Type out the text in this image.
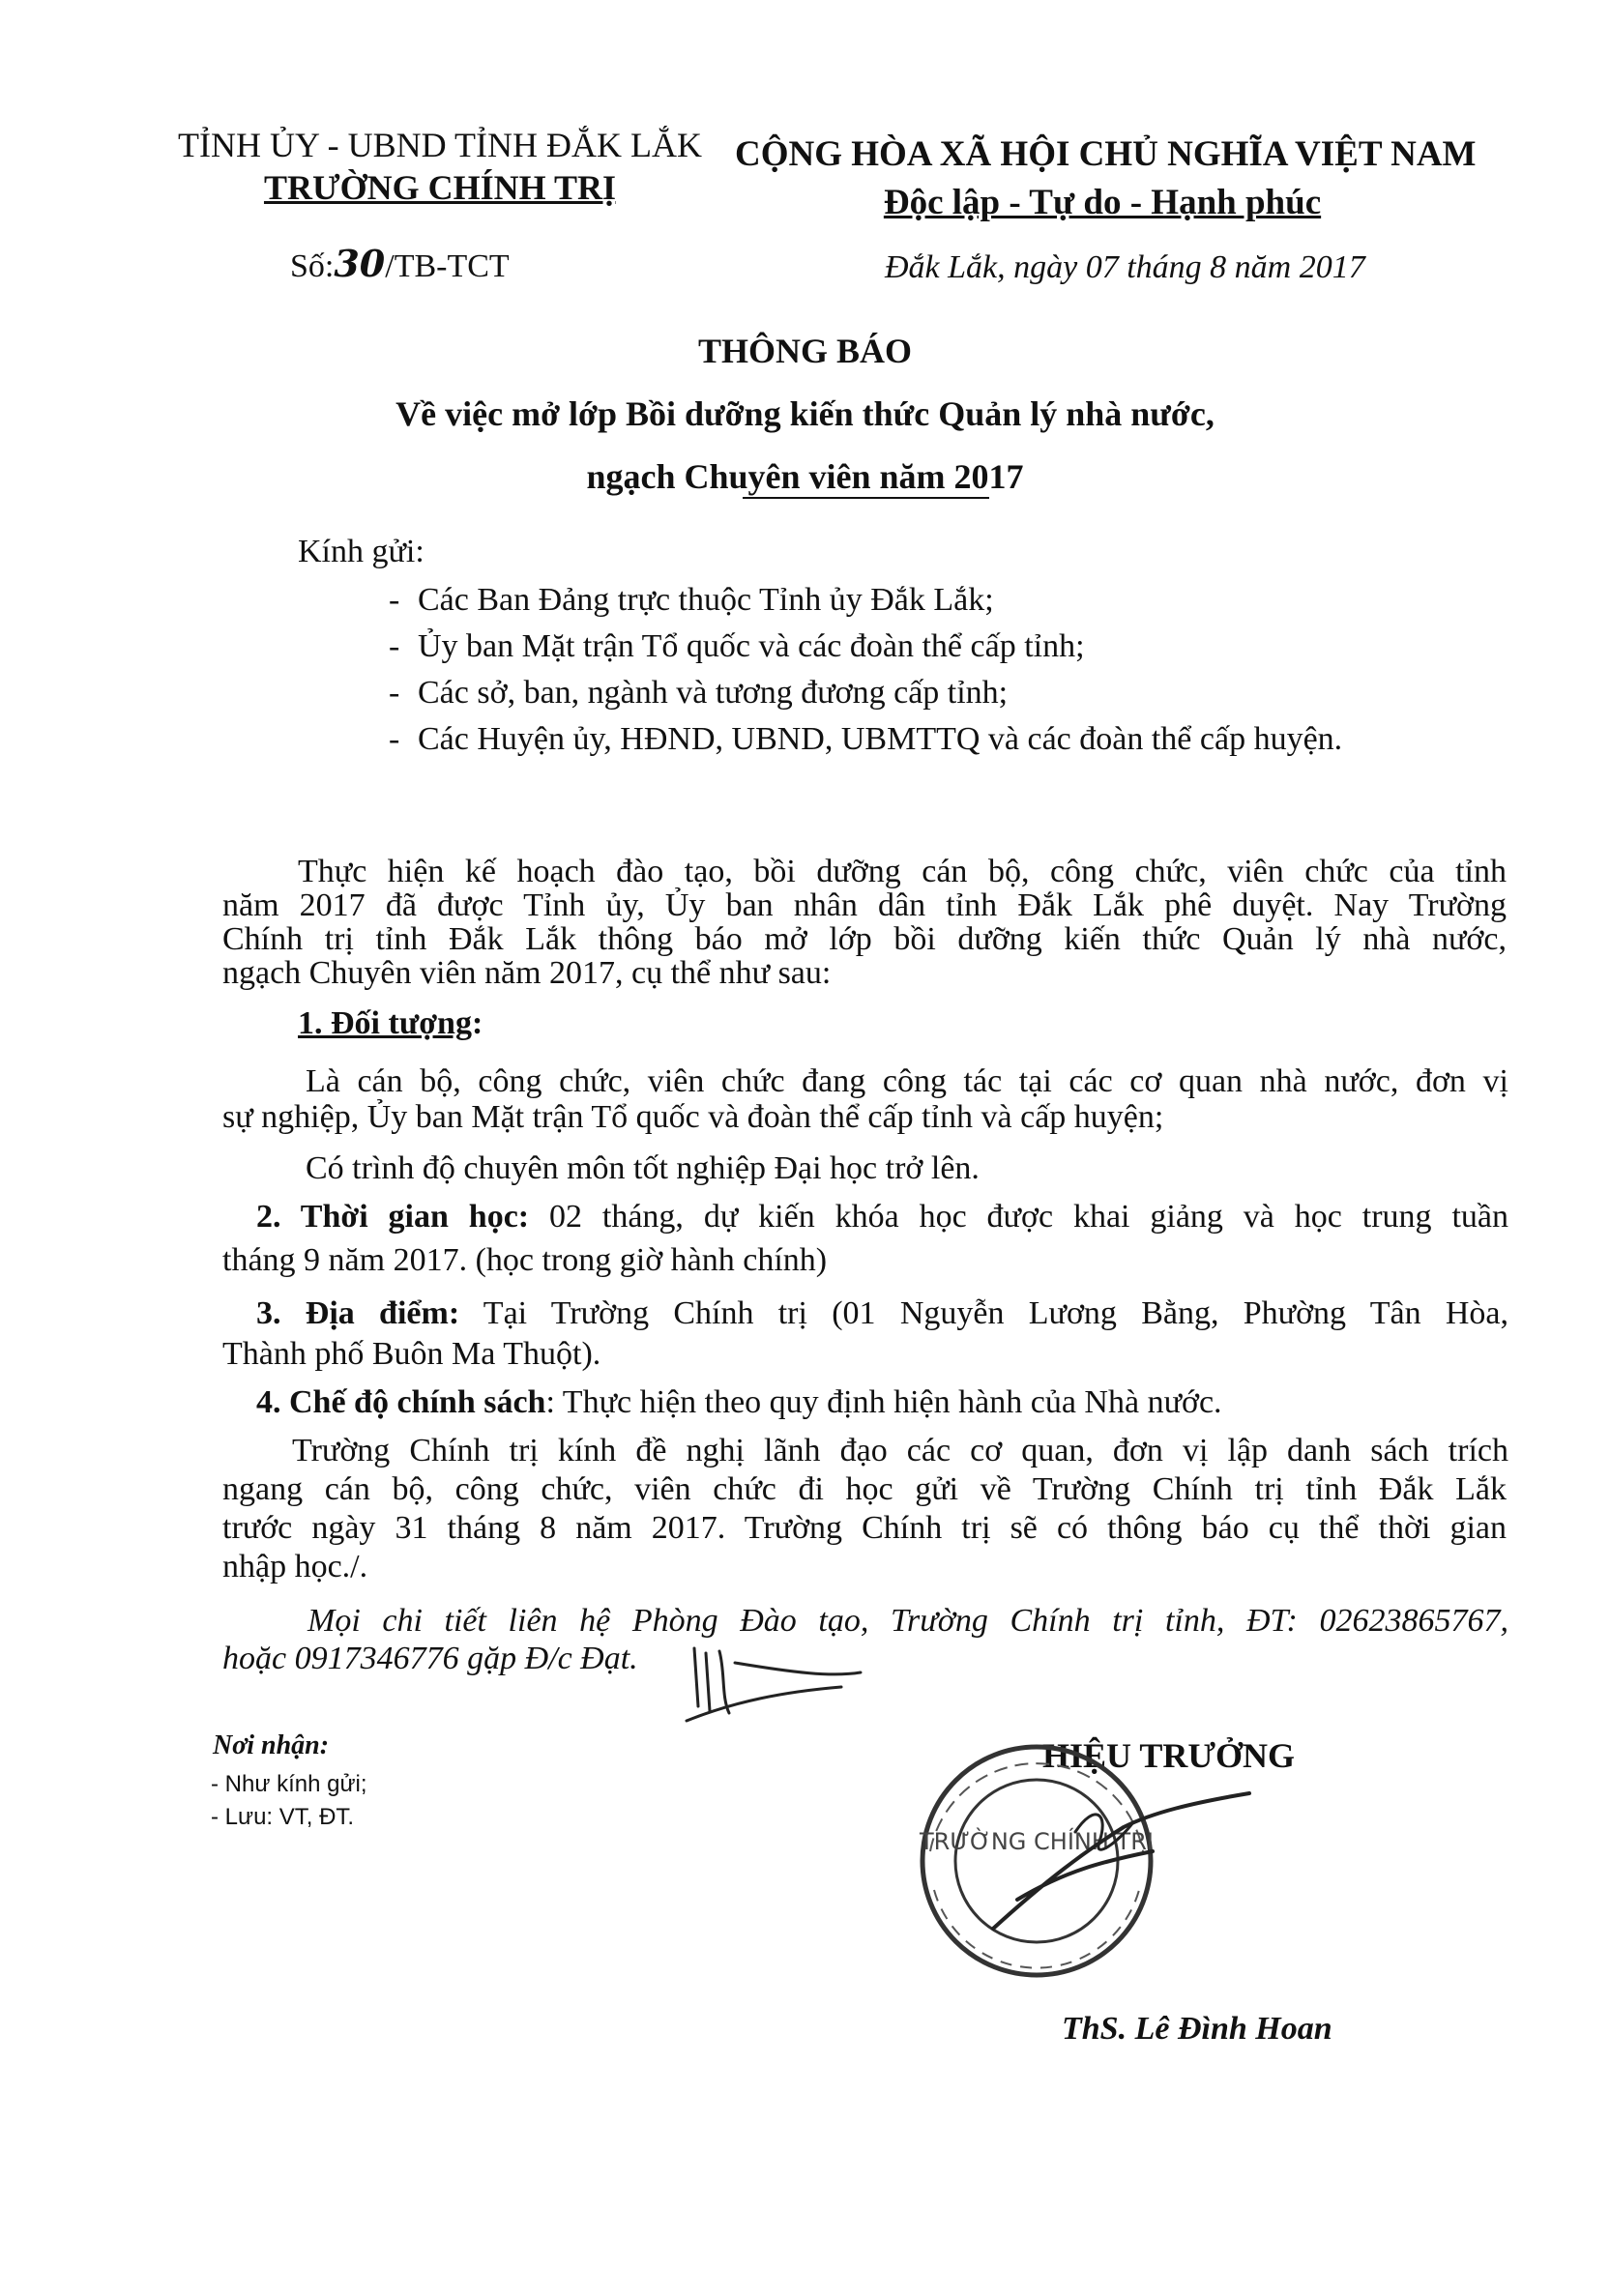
TỈNH ỦY - UBND TỈNH ĐẮK LẮK
TRƯỜNG CHÍNH TRỊ
CỘNG HÒA XÃ HỘI CHỦ NGHĨA VIỆT NAM
Độc lập - Tự do - Hạnh phúc
Số:30/TB-TCT	Đắk Lắk, ngày 07 tháng 8 năm 2017
THÔNG BÁO
Về việc mở lớp Bồi dưỡng kiến thức Quản lý nhà nước,
ngạch Chuyên viên năm 2017
Kính gửi:
- Các Ban Đảng trực thuộc Tỉnh ủy Đắk Lắk;
- Ủy ban Mặt trận Tổ quốc và các đoàn thể cấp tỉnh;
- Các sở, ban, ngành và tương đương cấp tỉnh;
- Các Huyện ủy, HĐND, UBND, UBMTTQ và các đoàn thể cấp huyện.
Thực hiện kế hoạch đào tạo, bồi dưỡng cán bộ, công chức, viên chức của tỉnh
năm 2017 đã được Tỉnh ủy, Ủy ban nhân dân tỉnh Đắk Lắk phê duyệt. Nay Trường
Chính trị tỉnh Đắk Lắk thông báo mở lớp bồi dưỡng kiến thức Quản lý nhà nước,
ngạch Chuyên viên năm 2017, cụ thể như sau:
1. Đối tượng:
Là cán bộ, công chức, viên chức đang công tác tại các cơ quan nhà nước, đơn vị
sự nghiệp, Ủy ban Mặt trận Tổ quốc và đoàn thể cấp tỉnh và cấp huyện;
Có trình độ chuyên môn tốt nghiệp Đại học trở lên.
2. Thời gian học: 02 tháng, dự kiến khóa học được khai giảng và học trung tuần
tháng 9 năm 2017. (học trong giờ hành chính)
3. Địa điểm: Tại Trường Chính trị (01 Nguyễn Lương Bằng, Phường Tân Hòa,
Thành phố Buôn Ma Thuột).
4. Chế độ chính sách: Thực hiện theo quy định hiện hành của Nhà nước.
Trường Chính trị kính đề nghị lãnh đạo các cơ quan, đơn vị lập danh sách trích
ngang cán bộ, công chức, viên chức đi học gửi về Trường Chính trị tỉnh Đắk Lắk
trước ngày 31 tháng 8 năm 2017. Trường Chính trị sẽ có thông báo cụ thể thời gian
nhập học./.
Mọi chi tiết liên hệ Phòng Đào tạo, Trường Chính trị tỉnh, ĐT: 02623865767,
hoặc 0917346776 gặp Đ/c Đạt.
Nơi nhận:
- Như kính gửi;
- Lưu: VT, ĐT.
HIỆU TRƯỞNG
TRƯỜNG CHÍNH TRỊ
ThS. Lê Đình Hoan
